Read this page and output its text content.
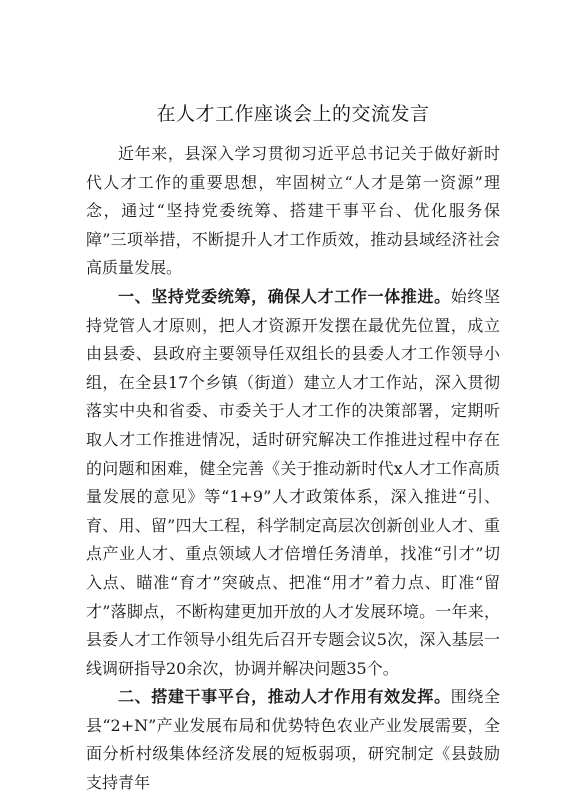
在人才工作座谈会上的交流发言

近年来，县深入学习贯彻习近平总书记关于做好新时代人才工作的重要思想，牢固树立“人才是第一资源”理念，通过“坚持党委统筹、搭建干事平台、优化服务保障”三项举措，不断提升人才工作质效，推动县域经济社会高质量发展。

一、坚持党委统筹，确保人才工作一体推进。始终坚持党管人才原则，把人才资源开发摆在最优先位置，成立由县委、县政府主要领导任双组长的县委人才工作领导小组，在全县17个乡镇（街道）建立人才工作站，深入贯彻落实中央和省委、市委关于人才工作的决策部署，定期听取人才工作推进情况，适时研究解决工作推进过程中存在的问题和困难，健全完善《关于推动新时代x人才工作高质量发展的意见》等“1+9”人才政策体系，深入推进“引、育、用、留”四大工程，科学制定高层次创新创业人才、重点产业人才、重点领域人才倍增任务清单，找准“引才”切入点、瞄准“育才”突破点、把准“用才”着力点、盯准“留才”落脚点，不断构建更加开放的人才发展环境。一年来，县委人才工作领导小组先后召开专题会议5次，深入基层一线调研指导20余次，协调并解决问题35个。

二、搭建干事平台，推动人才作用有效发挥。围绕全县“2+N”产业发展布局和优势特色农业产业发展需要，全面分析村级集体经济发展的短板弱项，研究制定《县鼓励支持青年
